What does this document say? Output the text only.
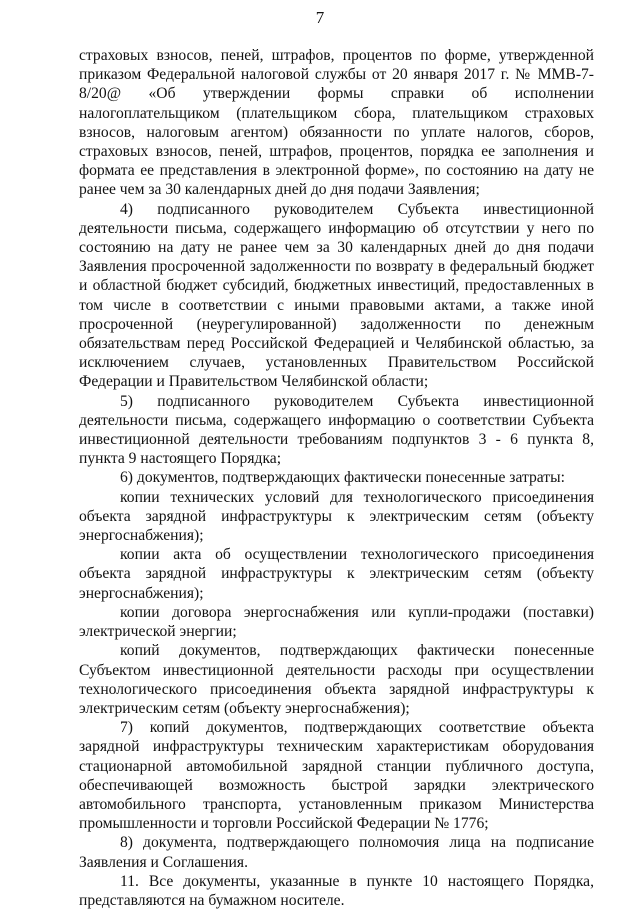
7

страховых взносов, пеней, штрафов, процентов по форме, утвержденной приказом Федеральной налоговой службы от 20 января 2017 г. № ММВ-7-8/20@ «Об утверждении формы справки об исполнении налогоплательщиком (плательщиком сбора, плательщиком страховых взносов, налоговым агентом) обязанности по уплате налогов, сборов, страховых взносов, пеней, штрафов, процентов, порядка ее заполнения и формата ее представления в электронной форме», по состоянию на дату не ранее чем за 30 календарных дней до дня подачи Заявления;

4) подписанного руководителем Субъекта инвестиционной деятельности письма, содержащего информацию об отсутствии у него по состоянию на дату не ранее чем за 30 календарных дней до дня подачи Заявления просроченной задолженности по возврату в федеральный бюджет и областной бюджет субсидий, бюджетных инвестиций, предоставленных в том числе в соответствии с иными правовыми актами, а также иной просроченной (неурегулированной) задолженности по денежным обязательствам перед Российской Федерацией и Челябинской областью, за исключением случаев, установленных Правительством Российской Федерации и Правительством Челябинской области;

5) подписанного руководителем Субъекта инвестиционной деятельности письма, содержащего информацию о соответствии Субъекта инвестиционной деятельности требованиям подпунктов 3 - 6 пункта 8, пункта 9 настоящего Порядка;

6) документов, подтверждающих фактически понесенные затраты:

копии технических условий для технологического присоединения объекта зарядной инфраструктуры к электрическим сетям (объекту энергоснабжения);

копии акта об осуществлении технологического присоединения объекта зарядной инфраструктуры к электрическим сетям (объекту энергоснабжения);

копии договора энергоснабжения или купли-продажи (поставки) электрической энергии;

копий документов, подтверждающих фактически понесенные Субъектом инвестиционной деятельности расходы при осуществлении технологического присоединения объекта зарядной инфраструктуры к электрическим сетям (объекту энергоснабжения);

7) копий документов, подтверждающих соответствие объекта зарядной инфраструктуры техническим характеристикам оборудования стационарной автомобильной зарядной станции публичного доступа, обеспечивающей возможность быстрой зарядки электрического автомобильного транспорта, установленным приказом Министерства промышленности и торговли Российской Федерации № 1776;

8) документа, подтверждающего полномочия лица на подписание Заявления и Соглашения.

11. Все документы, указанные в пункте 10 настоящего Порядка, представляются на бумажном носителе.
